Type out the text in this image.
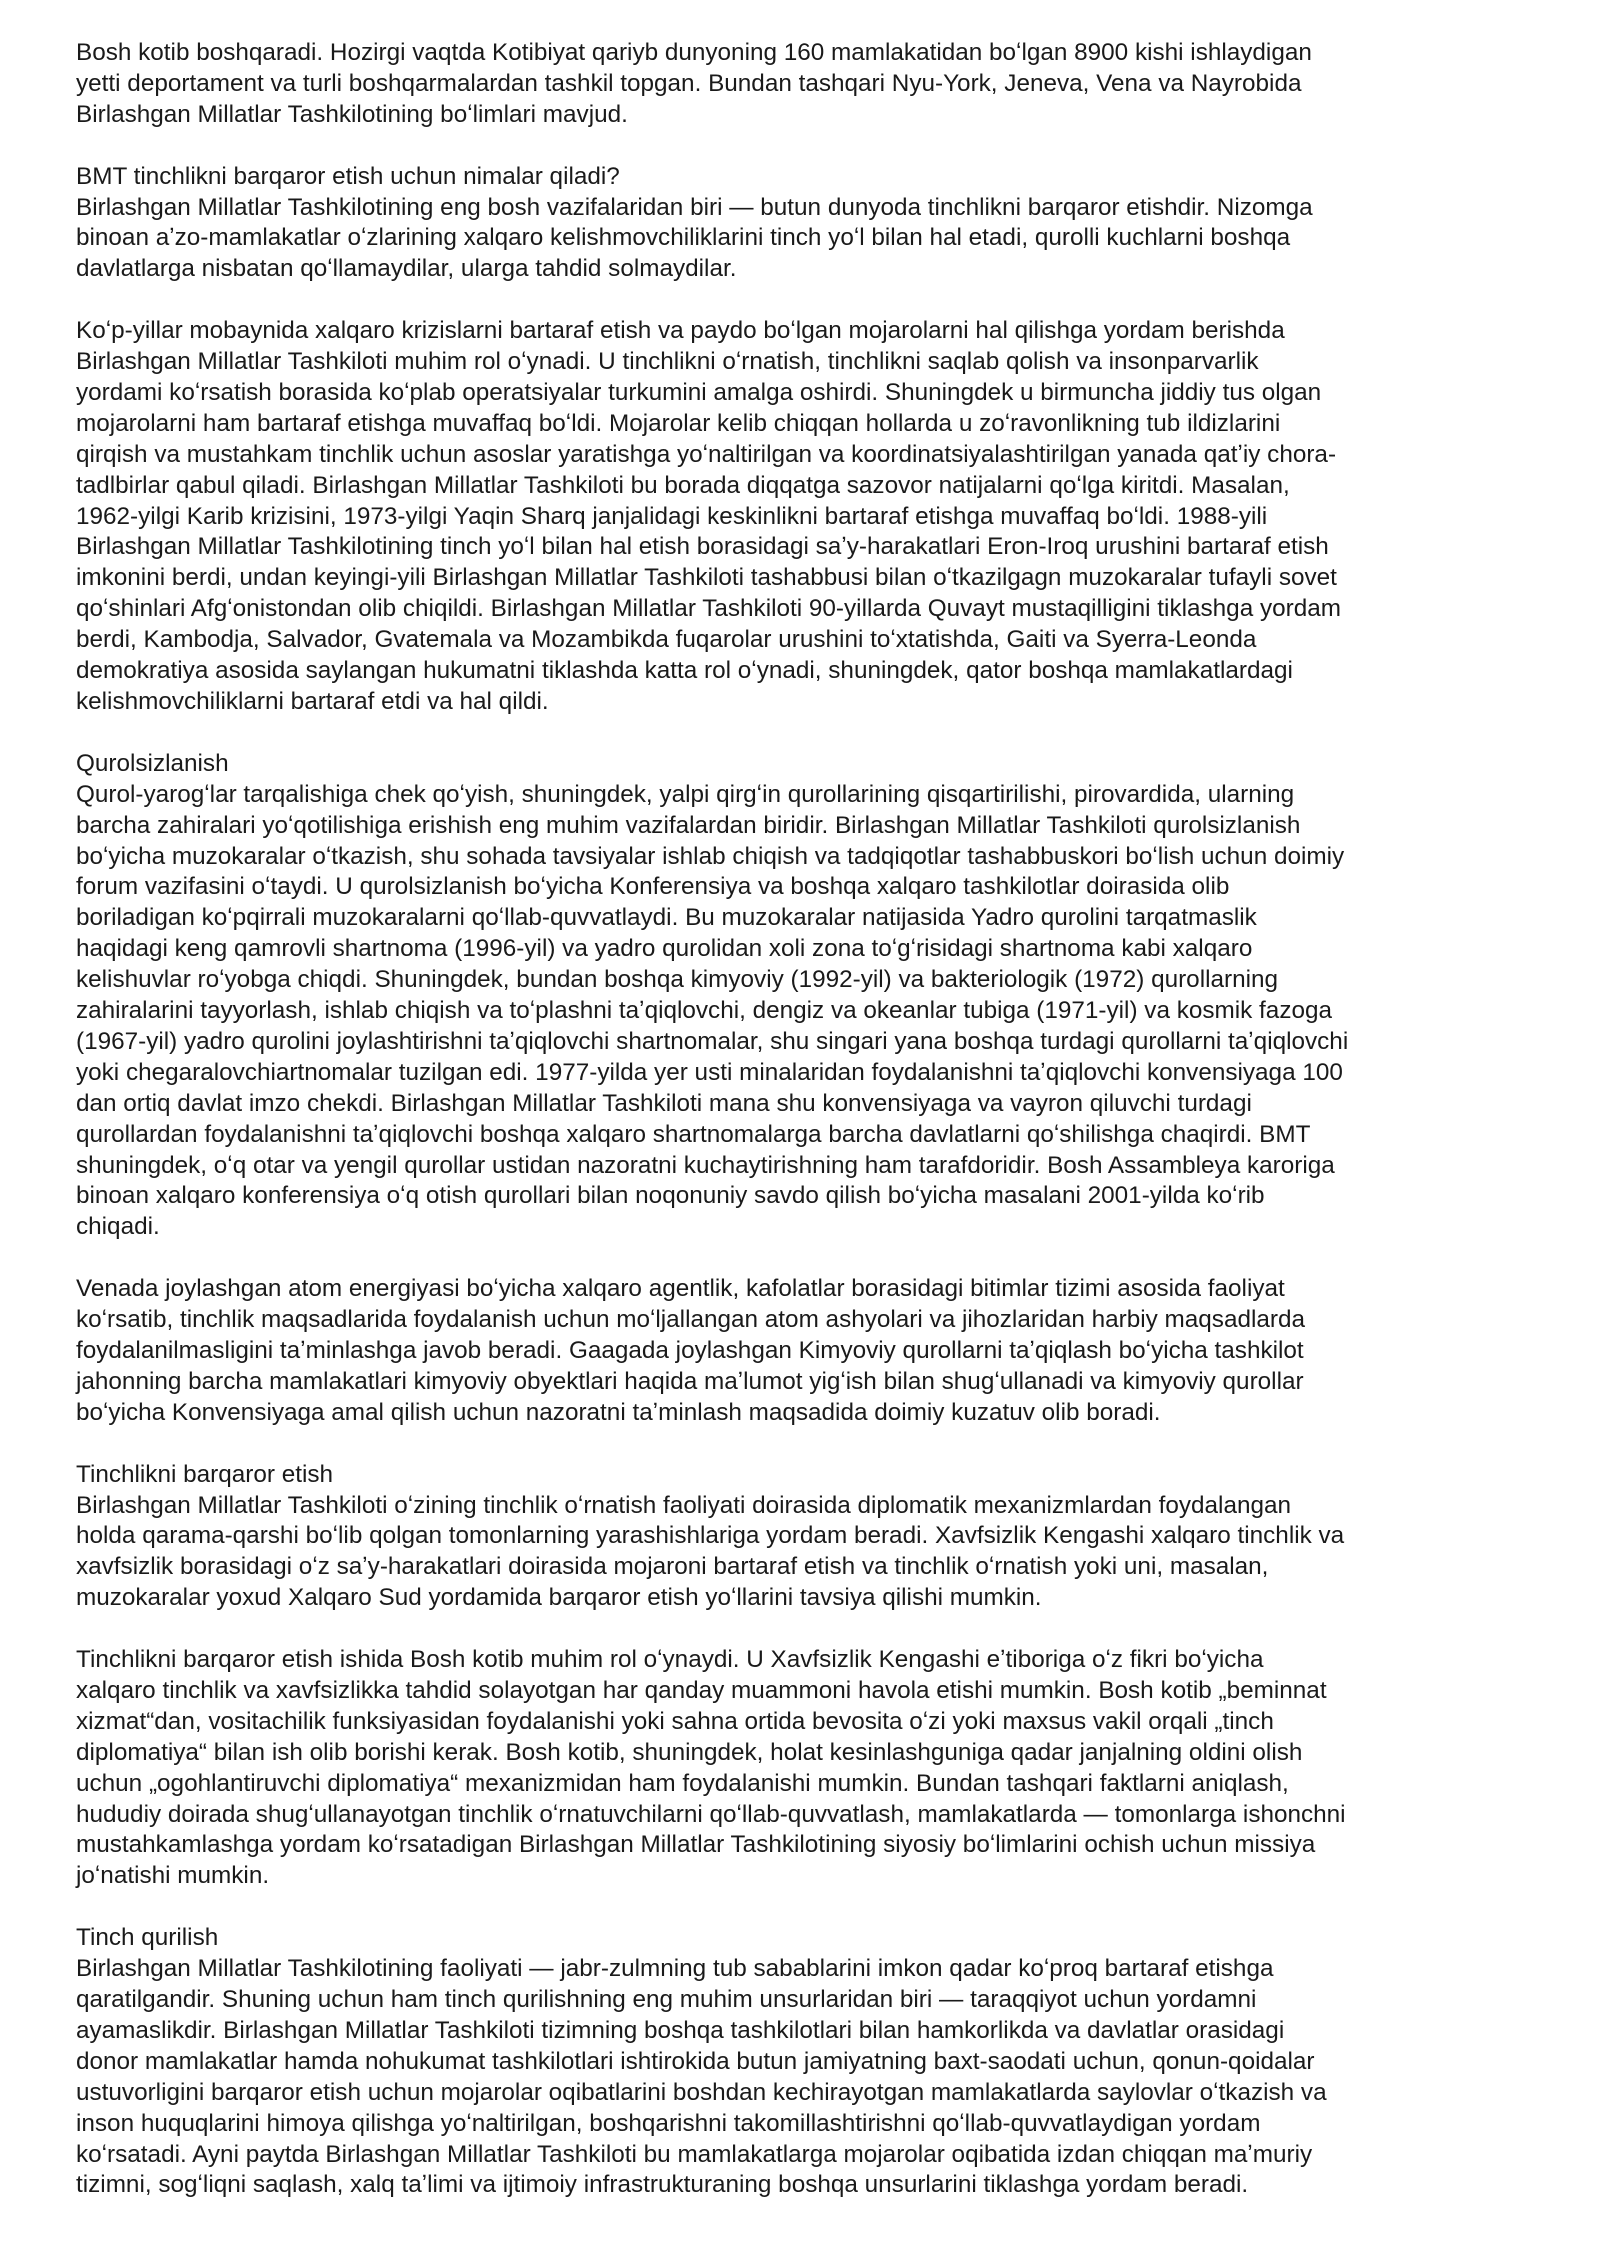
Bosh kotib boshqaradi. Hozirgi vaqtda Kotibiyat qariyb dunyoning 160 mamlakatidan boʻlgan 8900 kishi ishlaydigan
yetti deportament va turli boshqarmalardan tashkil topgan. Bundan tashqari Nyu-York, Jeneva, Vena va Nayrobida
Birlashgan Millatlar Tashkilotining boʻlimlari mavjud.

BMT tinchlikni barqaror etish uchun nimalar qiladi?

Birlashgan Millatlar Tashkilotining eng bosh vazifalaridan biri — butun dunyoda tinchlikni barqaror etishdir. Nizomga
binoan aʼzo-mamlakatlar oʻzlarining xalqaro kelishmovchiliklarini tinch yoʻl bilan hal etadi, qurolli kuchlarni boshqa
davlatlarga nisbatan qoʻllamaydilar, ularga tahdid solmaydilar.

Koʻp-yillar mobaynida xalqaro krizislarni bartaraf etish va paydo boʻlgan mojarolarni hal qilishga yordam berishda
Birlashgan Millatlar Tashkiloti muhim rol oʻynadi. U tinchlikni oʻrnatish, tinchlikni saqlab qolish va insonparvarlik
yordami koʻrsatish borasida koʻplab operatsiyalar turkumini amalga oshirdi. Shuningdek u birmuncha jiddiy tus olgan
mojarolarni ham bartaraf etishga muvaffaq boʻldi. Mojarolar kelib chiqqan hollarda u zoʻravonlikning tub ildizlarini
qirqish va mustahkam tinchlik uchun asoslar yaratishga yoʻnaltirilgan va koordinatsiyalashtirilgan yanada qatʼiy chora-
tadlbirlar qabul qiladi. Birlashgan Millatlar Tashkiloti bu borada diqqatga sazovor natijalarni qoʻlga kiritdi. Masalan,
1962-yilgi Karib krizisini, 1973-yilgi Yaqin Sharq janjalidagi keskinlikni bartaraf etishga muvaffaq boʻldi. 1988-yili
Birlashgan Millatlar Tashkilotining tinch yoʻl bilan hal etish borasidagi saʼy-harakatlari Eron-Iroq urushini bartaraf etish
imkonini berdi, undan keyingi-yili Birlashgan Millatlar Tashkiloti tashabbusi bilan oʻtkazilgagn muzokaralar tufayli sovet
qoʻshinlari Afgʻonistondan olib chiqildi. Birlashgan Millatlar Tashkiloti 90-yillarda Quvayt mustaqilligini tiklashga yordam
berdi, Kambodja, Salvador, Gvatemala va Mozambikda fuqarolar urushini toʻxtatishda, Gaiti va Syerra-Leonda
demokratiya asosida saylangan hukumatni tiklashda katta rol oʻynadi, shuningdek, qator boshqa mamlakatlardagi
kelishmovchiliklarni bartaraf etdi va hal qildi.

Qurolsizlanish

Qurol-yarogʻlar tarqalishiga chek qoʻyish, shuningdek, yalpi qirgʻin qurollarining qisqartirilishi, pirovardida, ularning
barcha zahiralari yoʻqotilishiga erishish eng muhim vazifalardan biridir. Birlashgan Millatlar Tashkiloti qurolsizlanish
boʻyicha muzokaralar oʻtkazish, shu sohada tavsiyalar ishlab chiqish va tadqiqotlar tashabbuskori boʻlish uchun doimiy
forum vazifasini oʻtaydi. U qurolsizlanish boʻyicha Konferensiya va boshqa xalqaro tashkilotlar doirasida olib
boriladigan koʻpqirrali muzokaralarni qoʻllab-quvvatlaydi. Bu muzokaralar natijasida Yadro qurolini tarqatmaslik
haqidagi keng qamrovli shartnoma (1996-yil) va yadro qurolidan xoli zona toʻgʻrisidagi shartnoma kabi xalqaro
kelishuvlar roʻyobga chiqdi. Shuningdek, bundan boshqa kimyoviy (1992-yil) va bakteriologik (1972) qurollarning
zahiralarini tayyorlash, ishlab chiqish va toʻplashni taʼqiqlovchi, dengiz va okeanlar tubiga (1971-yil) va kosmik fazoga
(1967-yil) yadro qurolini joylashtirishni taʼqiqlovchi shartnomalar, shu singari yana boshqa turdagi qurollarni taʼqiqlovchi
yoki chegaralovchiartnomalar tuzilgan edi. 1977-yilda yer usti minalaridan foydalanishni taʼqiqlovchi konvensiyaga 100
dan ortiq davlat imzo chekdi. Birlashgan Millatlar Tashkiloti mana shu konvensiyaga va vayron qiluvchi turdagi
qurollardan foydalanishni taʼqiqlovchi boshqa xalqaro shartnomalarga barcha davlatlarni qoʻshilishga chaqirdi. BMT
shuningdek, oʻq otar va yengil qurollar ustidan nazoratni kuchaytirishning ham tarafdoridir. Bosh Assambleya karoriga
binoan xalqaro konferensiya oʻq otish qurollari bilan noqonuniy savdo qilish boʻyicha masalani 2001-yilda koʻrib
chiqadi.

Venada joylashgan atom energiyasi boʻyicha xalqaro agentlik, kafolatlar borasidagi bitimlar tizimi asosida faoliyat
koʻrsatib, tinchlik maqsadlarida foydalanish uchun moʻljallangan atom ashyolari va jihozlaridan harbiy maqsadlarda
foydalanilmasligini taʼminlashga javob beradi. Gaagada joylashgan Kimyoviy qurollarni taʼqiqlash boʻyicha tashkilot
jahonning barcha mamlakatlari kimyoviy obyektlari haqida maʼlumot yigʻish bilan shugʻullanadi va kimyoviy qurollar
boʻyicha Konvensiyaga amal qilish uchun nazoratni taʼminlash maqsadida doimiy kuzatuv olib boradi.

Tinchlikni barqaror etish

Birlashgan Millatlar Tashkiloti oʻzining tinchlik oʻrnatish faoliyati doirasida diplomatik mexanizmlardan foydalangan
holda qarama-qarshi boʻlib qolgan tomonlarning yarashishlariga yordam beradi. Xavfsizlik Kengashi xalqaro tinchlik va
xavfsizlik borasidagi oʻz saʼy-harakatlari doirasida mojaroni bartaraf etish va tinchlik oʻrnatish yoki uni, masalan,
muzokaralar yoxud Xalqaro Sud yordamida barqaror etish yoʻllarini tavsiya qilishi mumkin.

Tinchlikni barqaror etish ishida Bosh kotib muhim rol oʻynaydi. U Xavfsizlik Kengashi eʼtiboriga oʻz fikri boʻyicha
xalqaro tinchlik va xavfsizlikka tahdid solayotgan har qanday muammoni havola etishi mumkin. Bosh kotib „beminnat
xizmat“dan, vositachilik funksiyasidan foydalanishi yoki sahna ortida bevosita oʻzi yoki maxsus vakil orqali „tinch
diplomatiya“ bilan ish olib borishi kerak. Bosh kotib, shuningdek, holat kesinlashguniga qadar janjalning oldini olish
uchun „ogohlantiruvchi diplomatiya“ mexanizmidan ham foydalanishi mumkin. Bundan tashqari faktlarni aniqlash,
hududiy doirada shugʻullanayotgan tinchlik oʻrnatuvchilarni qoʻllab-quvvatlash, mamlakatlarda — tomonlarga ishonchni
mustahkamlashga yordam koʻrsatadigan Birlashgan Millatlar Tashkilotining siyosiy boʻlimlarini ochish uchun missiya
joʻnatishi mumkin.

Tinch qurilish

Birlashgan Millatlar Tashkilotining faoliyati — jabr-zulmning tub sabablarini imkon qadar koʻproq bartaraf etishga
qaratilgandir. Shuning uchun ham tinch qurilishning eng muhim unsurlaridan biri — taraqqiyot uchun yordamni
ayamaslikdir. Birlashgan Millatlar Tashkiloti tizimning boshqa tashkilotlari bilan hamkorlikda va davlatlar orasidagi
donor mamlakatlar hamda nohukumat tashkilotlari ishtirokida butun jamiyatning baxt-saodati uchun, qonun-qoidalar
ustuvorligini barqaror etish uchun mojarolar oqibatlarini boshdan kechirayotgan mamlakatlarda saylovlar oʻtkazish va
inson huquqlarini himoya qilishga yoʻnaltirilgan, boshqarishni takomillashtirishni qoʻllab-quvvatlaydigan yordam
koʻrsatadi. Ayni paytda Birlashgan Millatlar Tashkiloti bu mamlakatlarga mojarolar oqibatida izdan chiqqan maʼmuriy
tizimni, sogʻliqni saqlash, xalq taʼlimi va ijtimoiy infrastrukturaning boshqa unsurlarini tiklashga yordam beradi.
